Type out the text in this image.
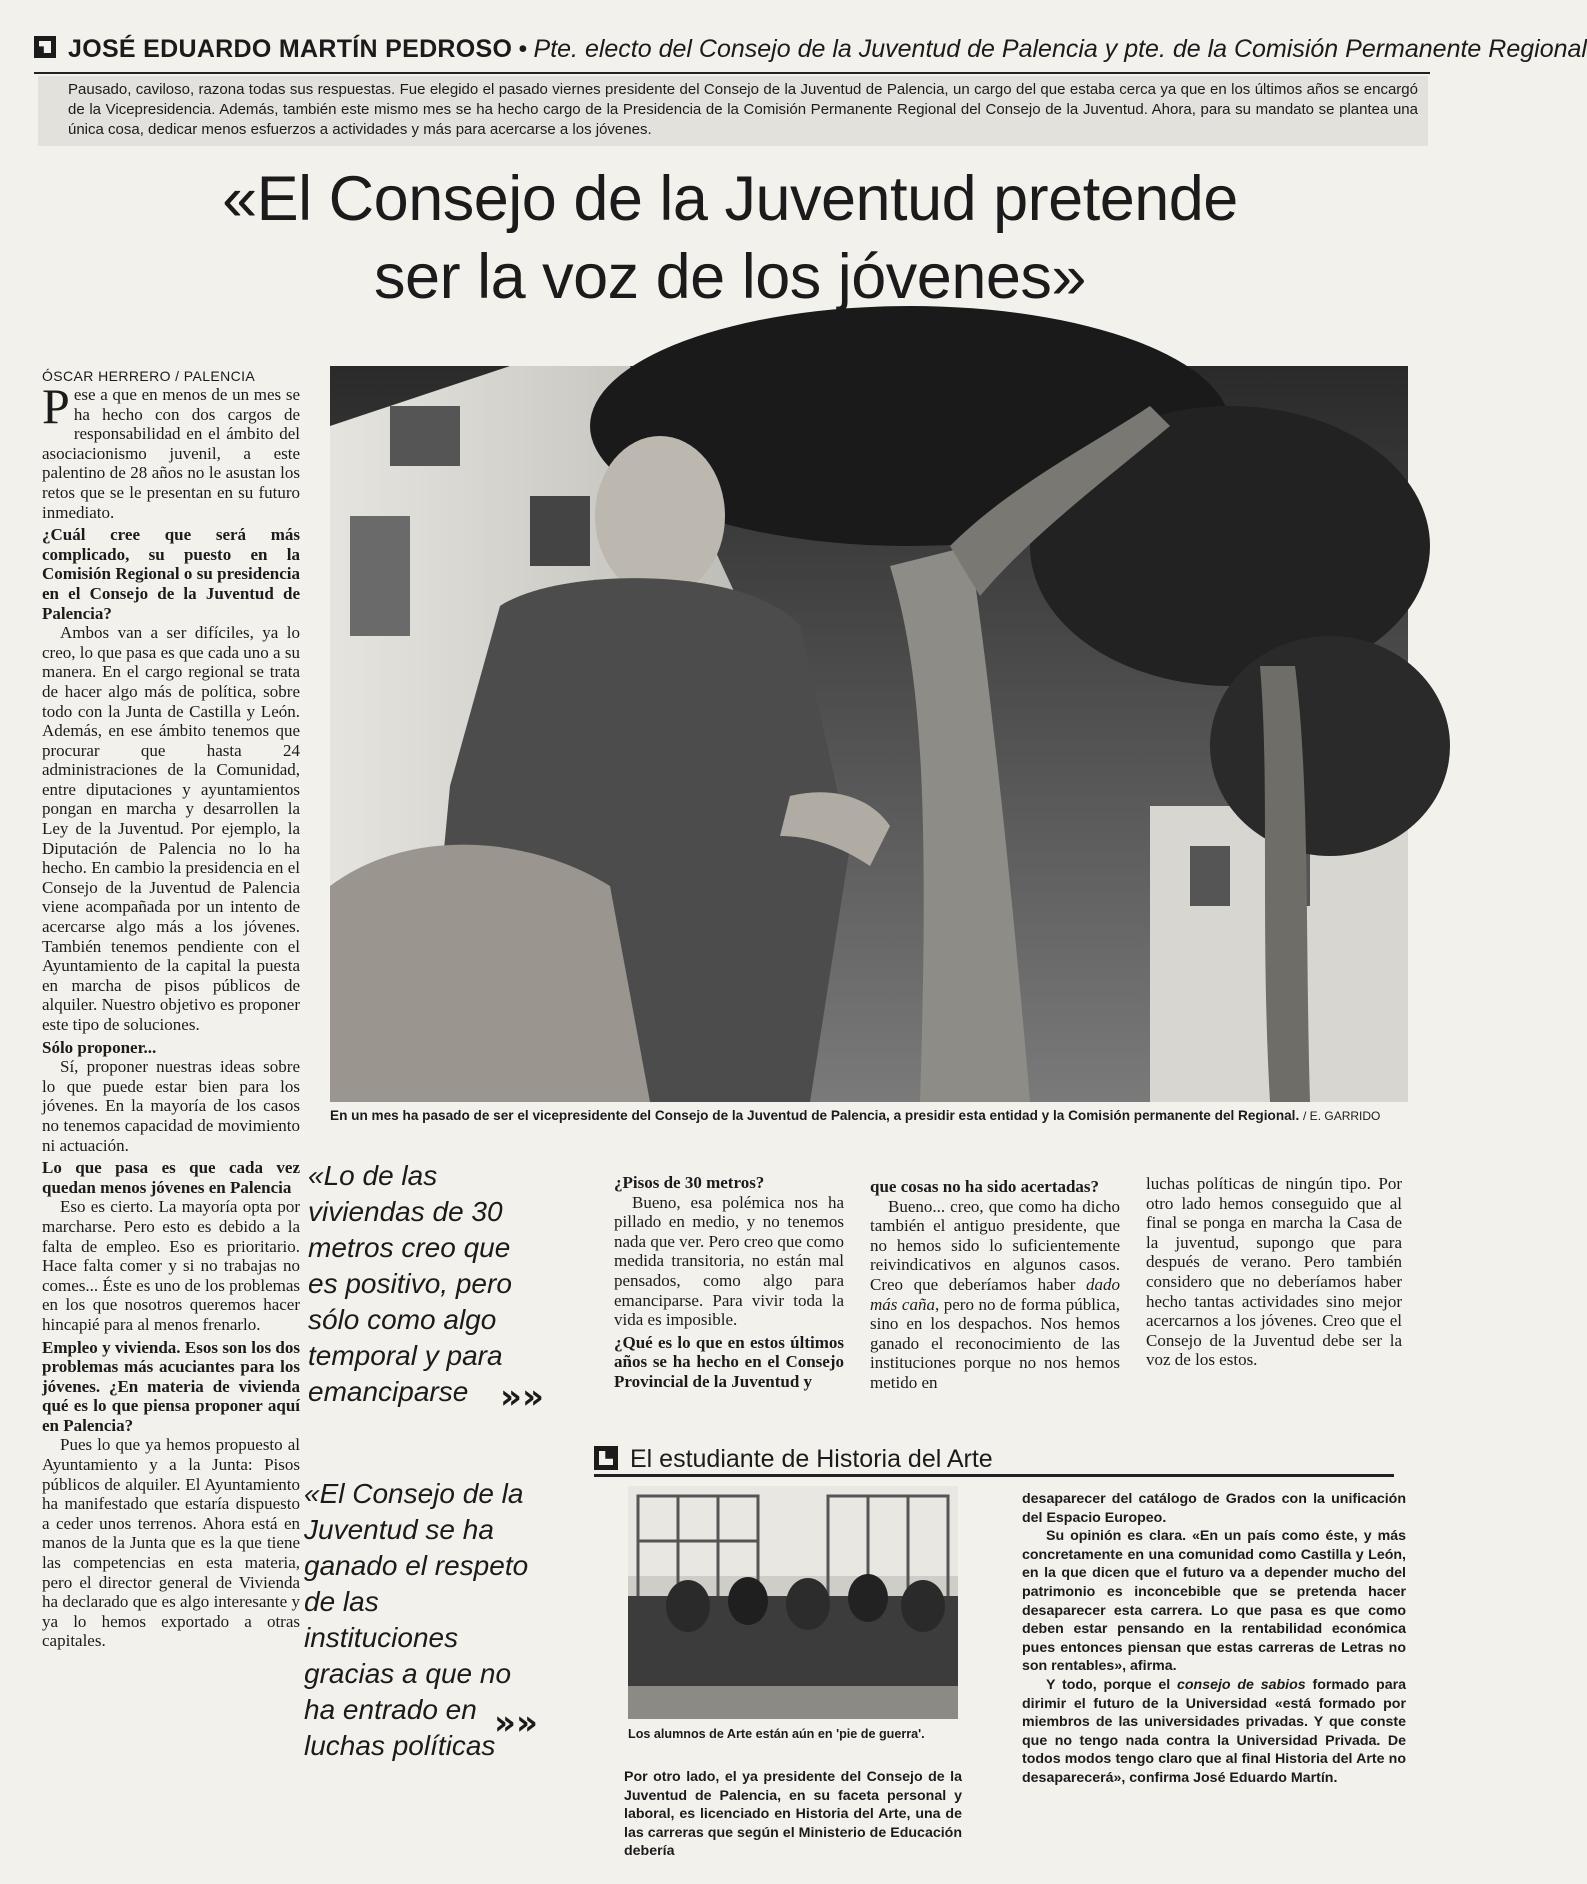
JOSÉ EDUARDO MARTÍN PEDROSO • Pte. electo del Consejo de la Juventud de Palencia y pte. de la Comisión Permanente Regional
Pausado, caviloso, razona todas sus respuestas. Fue elegido el pasado viernes presidente del Consejo de la Juventud de Palencia, un cargo del que estaba cerca ya que en los últimos años se encargó de la Vicepresidencia. Además, también este mismo mes se ha hecho cargo de la Presidencia de la Comisión Permanente Regional del Consejo de la Juventud. Ahora, para su mandato se plantea una única cosa, dedicar menos esfuerzos a actividades y más para acercarse a los jóvenes.
«El Consejo de la Juventud pretende
ser la voz de los jóvenes»

ÓSCAR HERRERO / PALENCIA

Pese a que en menos de un mes se ha hecho con dos cargos de responsabilidad en el ámbito del asociacionismo juvenil, a este palentino de 28 años no le asustan los retos que se le presentan en su futuro inmediato.

¿Cuál cree que será más complicado, su puesto en la Comisión Regional o su presidencia en el Consejo de la Juventud de Palencia?

Ambos van a ser difíciles, ya lo creo, lo que pasa es que cada uno a su manera. En el cargo regional se trata de hacer algo más de política, sobre todo con la Junta de Castilla y León. Además, en ese ámbito tenemos que procurar que hasta 24 administraciones de la Comunidad, entre diputaciones y ayuntamientos pongan en marcha y desarrollen la Ley de la Juventud. Por ejemplo, la Diputación de Palencia no lo ha hecho. En cambio la presidencia en el Consejo de la Juventud de Palencia viene acompañada por un intento de acercarse algo más a los jóvenes. También tenemos pendiente con el Ayuntamiento de la capital la puesta en marcha de pisos públicos de alquiler. Nuestro objetivo es proponer este tipo de soluciones.

Sólo proponer...

Sí, proponer nuestras ideas sobre lo que puede estar bien para los jóvenes. En la mayoría de los casos no tenemos capacidad de movimiento ni actuación.

Lo que pasa es que cada vez quedan menos jóvenes en Palencia

Eso es cierto. La mayoría opta por marcharse. Pero esto es debido a la falta de empleo. Eso es prioritario. Hace falta comer y si no trabajas no comes... Éste es uno de los problemas en los que nosotros queremos hacer hincapié para al menos frenarlo.

Empleo y vivienda. Esos son los dos problemas más acuciantes para los jóvenes. ¿En materia de vivienda qué es lo que piensa proponer aquí en Palencia?

Pues lo que ya hemos propuesto al Ayuntamiento y a la Junta: Pisos públicos de alquiler. El Ayuntamiento ha manifestado que estaría dispuesto a ceder unos terrenos. Ahora está en manos de la Junta que es la que tiene las competencias en esta materia, pero el director general de Vivienda ha declarado que es algo interesante y ya lo hemos exportado a otras capitales.

En un mes ha pasado de ser el vicepresidente del Consejo de la Juventud de Palencia, a presidir esta entidad y la Comisión permanente del Regional. / E. GARRIDO
«Lo de las viviendas de 30 metros creo que es positivo, pero sólo como algo temporal y para emanciparse »»
«El Consejo de la Juventud se ha ganado el respeto de las instituciones gracias a que no ha entrado en luchas políticas
»»

¿Pisos de 30 metros?

Bueno, esa polémica nos ha pillado en medio, y no tenemos nada que ver. Pero creo que como medida transitoria, no están mal pensados, como algo para emanciparse. Para vivir toda la vida es imposible.

¿Qué es lo que en estos últimos años se ha hecho en el Consejo Provincial de la Juventud y

que cosas no ha sido acertadas?

Bueno... creo, que como ha dicho también el antiguo presidente, que no hemos sido lo suficientemente reivindicativos en algunos casos. Creo que deberíamos haber dado más caña, pero no de forma pública, sino en los despachos. Nos hemos ganado el reconocimiento de las instituciones porque no nos hemos metido en

luchas políticas de ningún tipo. Por otro lado hemos conseguido que al final se ponga en marcha la Casa de la juventud, supongo que para después de verano. Pero también considero que no deberíamos haber hecho tantas actividades sino mejor acercarnos a los jóvenes. Creo que el Consejo de la Juventud debe ser la voz de los estos.

El estudiante de Historia del Arte
Los alumnos de Arte están aún en 'pie de guerra'.

Por otro lado, el ya presidente del Consejo de la Juventud de Palencia, en su faceta personal y laboral, es licenciado en Historia del Arte, una de las carreras que según el Ministerio de Educación debería

desaparecer del catálogo de Grados con la unificación del Espacio Europeo.

Su opinión es clara. «En un país como éste, y más concretamente en una comunidad como Castilla y León, en la que dicen que el futuro va a depender mucho del patrimonio es inconcebible que se pretenda hacer desaparecer esta carrera. Lo que pasa es que como deben estar pensando en la rentabilidad económica pues entonces piensan que estas carreras de Letras no son rentables», afirma.

Y todo, porque el consejo de sabios formado para dirimir el futuro de la Universidad «está formado por miembros de las universidades privadas. Y que conste que no tengo nada contra la Universidad Privada. De todos modos tengo claro que al final Historia del Arte no desaparecerá», confirma José Eduardo Martín.
